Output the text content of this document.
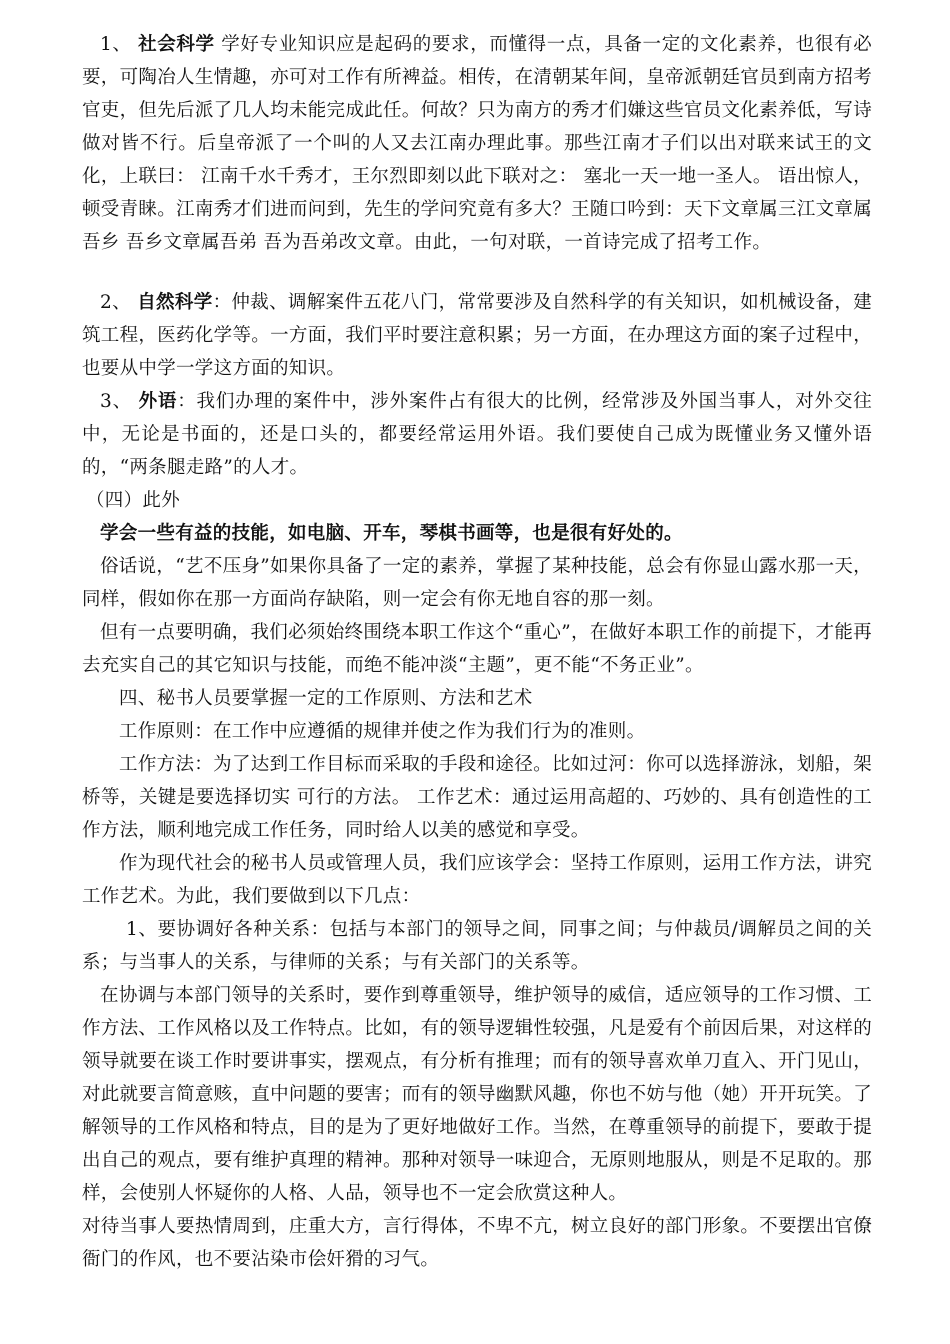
1、 社会科学 学好专业知识应是起码的要求，而懂得一点，具备一定的文化素养，也很有必要，可陶冶人生情趣，亦可对工作有所裨益。相传，在清朝某年间，皇帝派朝廷官员到南方招考官吏，但先后派了几人均未能完成此任。何故？只为南方的秀才们嫌这些官员文化素养低，写诗做对皆不行。后皇帝派了一个叫的人又去江南办理此事。那些江南才子们以出对联来试王的文化，上联曰： 江南千水千秀才，王尔烈即刻以此下联对之： 塞北一天一地一圣人。 语出惊人，顿受青睐。江南秀才们进而问到，先生的学问究竟有多大？王随口吟到：天下文章属三江文章属吾乡 吾乡文章属吾弟 吾为吾弟改文章。由此，一句对联，一首诗完成了招考工作。

2、 自然科学：仲裁、调解案件五花八门，常常要涉及自然科学的有关知识，如机械设备，建筑工程，医药化学等。一方面，我们平时要注意积累；另一方面，在办理这方面的案子过程中，也要从中学一学这方面的知识。

3、 外语：我们办理的案件中，涉外案件占有很大的比例，经常涉及外国当事人，对外交往中，无论是书面的，还是口头的，都要经常运用外语。我们要使自己成为既懂业务又懂外语的，“两条腿走路”的人才。

（四）此外

学会一些有益的技能，如电脑、开车，琴棋书画等，也是很有好处的。

俗话说，“艺不压身”如果你具备了一定的素养，掌握了某种技能，总会有你显山露水那一天，同样，假如你在那一方面尚存缺陷，则一定会有你无地自容的那一刻。

但有一点要明确，我们必须始终围绕本职工作这个“重心”，在做好本职工作的前提下，才能再去充实自己的其它知识与技能，而绝不能冲淡“主题”，更不能“不务正业”。

四、秘书人员要掌握一定的工作原则、方法和艺术

工作原则：在工作中应遵循的规律并使之作为我们行为的准则。

工作方法：为了达到工作目标而采取的手段和途径。比如过河：你可以选择游泳，划船，架桥等，关键是要选择切实 可行的方法。 工作艺术：通过运用高超的、巧妙的、具有创造性的工作方法，顺利地完成工作任务，同时给人以美的感觉和享受。

作为现代社会的秘书人员或管理人员，我们应该学会：坚持工作原则，运用工作方法，讲究工作艺术。为此，我们要做到以下几点：

1、要协调好各种关系：包括与本部门的领导之间，同事之间；与仲裁员/调解员之间的关系；与当事人的关系，与律师的关系；与有关部门的关系等。

在协调与本部门领导的关系时，要作到尊重领导，维护领导的威信，适应领导的工作习惯、工作方法、工作风格以及工作特点。比如，有的领导逻辑性较强，凡是爱有个前因后果，对这样的领导就要在谈工作时要讲事实，摆观点，有分析有推理；而有的领导喜欢单刀直入、开门见山，对此就要言简意赅，直中问题的要害；而有的领导幽默风趣，你也不妨与他（她）开开玩笑。了解领导的工作风格和特点，目的是为了更好地做好工作。当然，在尊重领导的前提下，要敢于提出自己的观点，要有维护真理的精神。那种对领导一味迎合，无原则地服从，则是不足取的。那样，会使别人怀疑你的人格、人品，领导也不一定会欣赏这种人。

对待当事人要热情周到，庄重大方，言行得体，不卑不亢，树立良好的部门形象。不要摆出官僚衙门的作风，也不要沾染市侩奸猾的习气。
